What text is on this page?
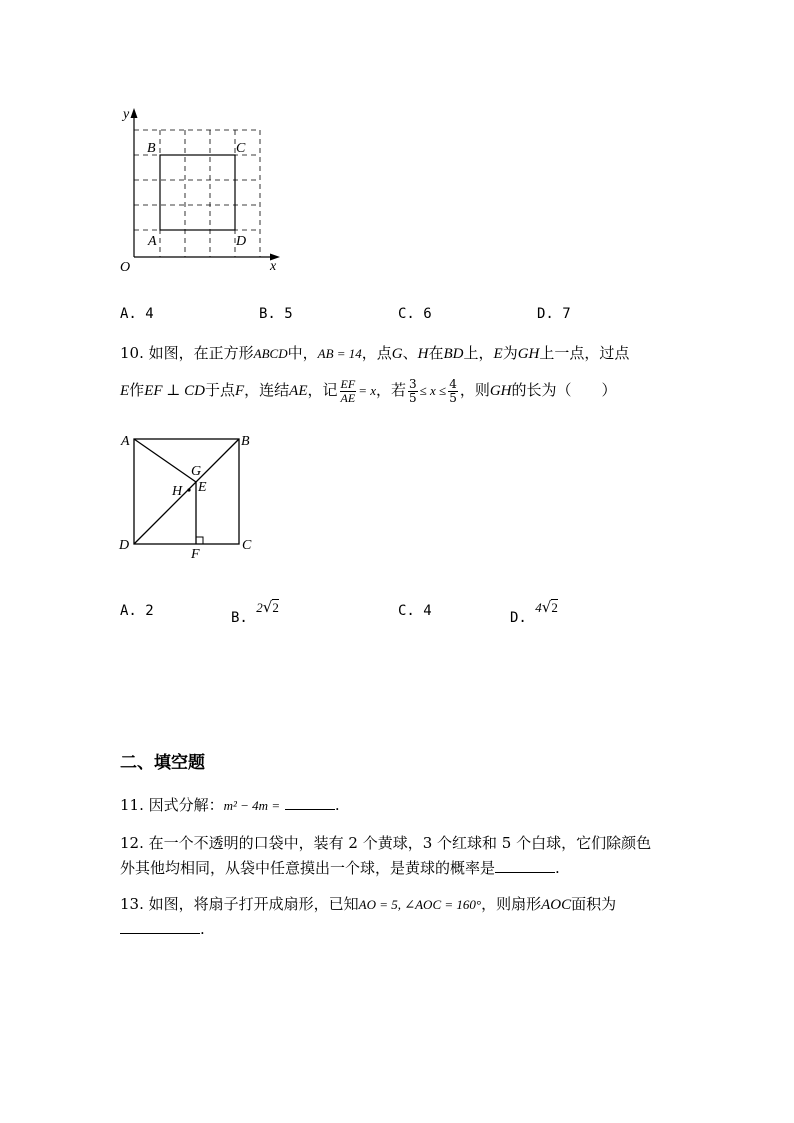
y
x
O
A
B	C
D
A. 4	B. 5	C. 6	D. 7
10. 如图，在正方形ABCD中，AB = 14，点G、H在BD上，E为GH上一点，过点
E作EF ⊥ CD于点F，连结AE，记 $\frac{EF}{AE} = x$，若 $\frac{3}{5} \le x \le \frac{4}{5}$ ，则GH的长为（　　）
A	B
C
D
G
H E
F
A. 2	B. 2√2	C. 4	D. 4√2
二、填空题
11. 因式分解：m² − 4m =	.
12. 在一个不透明的口袋中，装有 2 个黄球，3 个红球和 5 个白球，它们除颜色
外其他均相同，从袋中任意摸出一个球，是黄球的概率是	.
13. 如图，将扇子打开成扇形，已知AO = 5, ∠AOC = 160°，则扇形AOC面积为
.
